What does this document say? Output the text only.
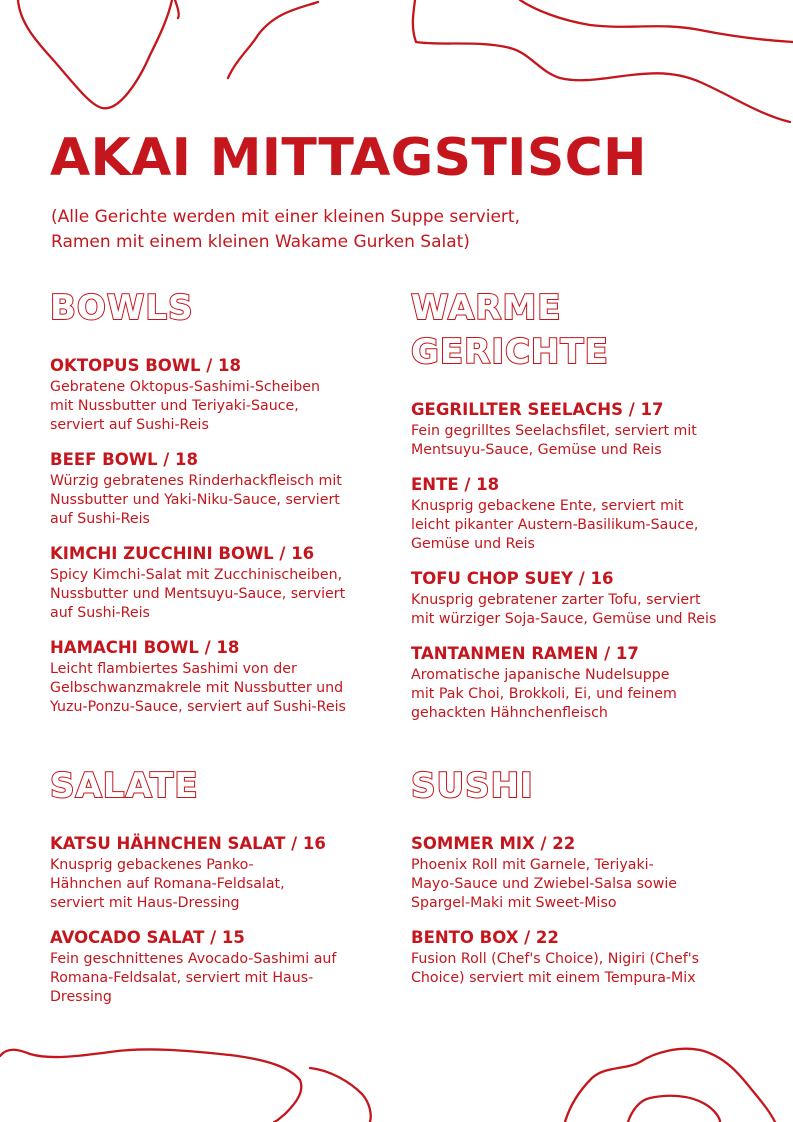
AKAI MITTAGSTISCH
(Alle Gerichte werden mit einer kleinen Suppe serviert,
Ramen mit einem kleinen Wakame Gurken Salat)
BOWLS
OKTOPUS BOWL / 18
Gebratene Oktopus-Sashimi-Scheiben
mit Nussbutter und Teriyaki-Sauce,
serviert auf Sushi-Reis
BEEF BOWL / 18
Würzig gebratenes Rinderhackfleisch mit
Nussbutter und Yaki-Niku-Sauce, serviert
auf Sushi-Reis
KIMCHI ZUCCHINI BOWL / 16
Spicy Kimchi-Salat mit Zucchinischeiben,
Nussbutter und Mentsuyu-Sauce, serviert
auf Sushi-Reis
HAMACHI BOWL / 18
Leicht flambiertes Sashimi von der
Gelbschwanzmakrele mit Nussbutter und
Yuzu-Ponzu-Sauce, serviert auf Sushi-Reis
WARME
GERICHTE
GEGRILLTER SEELACHS / 17
Fein gegrilltes Seelachsfilet, serviert mit
Mentsuyu-Sauce, Gemüse und Reis
ENTE / 18
Knusprig gebackene Ente, serviert mit
leicht pikanter Austern-Basilikum-Sauce,
Gemüse und Reis
TOFU CHOP SUEY / 16
Knusprig gebratener zarter Tofu, serviert
mit würziger Soja-Sauce, Gemüse und Reis
TANTANMEN RAMEN / 17
Aromatische japanische Nudelsuppe
mit Pak Choi, Brokkoli, Ei, und feinem
gehackten Hähnchenfleisch
SALATE
KATSU HÄHNCHEN SALAT / 16
Knusprig gebackenes Panko-
Hähnchen auf Romana-Feldsalat,
serviert mit Haus-Dressing
AVOCADO SALAT / 15
Fein geschnittenes Avocado-Sashimi auf
Romana-Feldsalat, serviert mit Haus-
Dressing
SUSHI
SOMMER MIX / 22
Phoenix Roll mit Garnele, Teriyaki-
Mayo-Sauce und Zwiebel-Salsa sowie
Spargel-Maki mit Sweet-Miso
BENTO BOX / 22
Fusion Roll (Chef's Choice), Nigiri (Chef's
Choice) serviert mit einem Tempura-Mix
